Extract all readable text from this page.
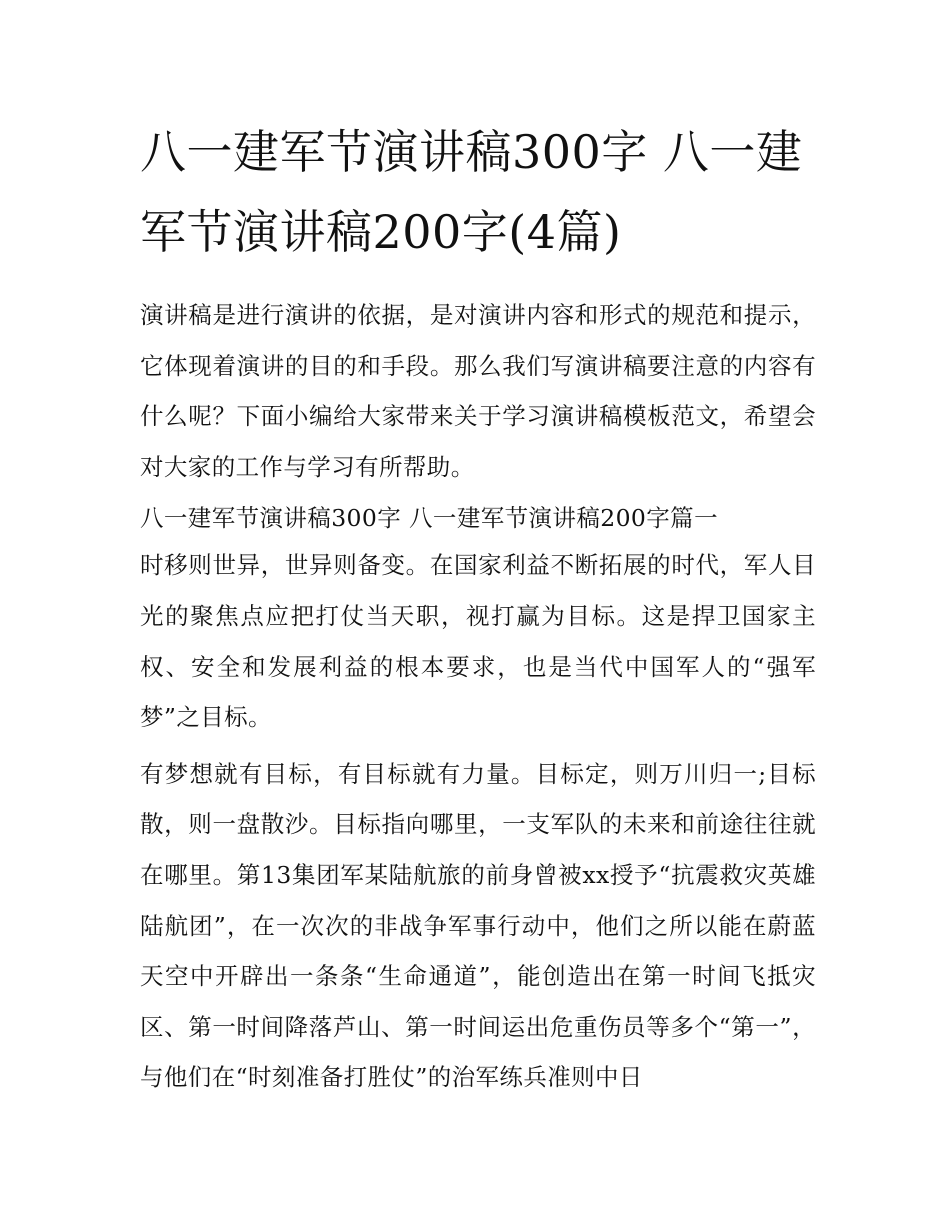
八一建军节演讲稿300字 八一建军节演讲稿200字(4篇)

演讲稿是进行演讲的依据，是对演讲内容和形式的规范和提示，它体现着演讲的目的和手段。那么我们写演讲稿要注意的内容有什么呢？下面小编给大家带来关于学习演讲稿模板范文，希望会对大家的工作与学习有所帮助。

八一建军节演讲稿300字 八一建军节演讲稿200字篇一

时移则世异，世异则备变。在国家利益不断拓展的时代，军人目光的聚焦点应把打仗当天职，视打赢为目标。这是捍卫国家主权、安全和发展利益的根本要求，也是当代中国军人的“强军梦”之目标。

有梦想就有目标，有目标就有力量。目标定，则万川归一;目标散，则一盘散沙。目标指向哪里，一支军队的未来和前途往往就在哪里。第13集团军某陆航旅的前身曾被xx授予“抗震救灾英雄陆航团”，在一次次的非战争军事行动中，他们之所以能在蔚蓝天空中开辟出一条条“生命通道”，能创造出在第一时间飞抵灾区、第一时间降落芦山、第一时间运出危重伤员等多个“第一”，与他们在“时刻准备打胜仗”的治军练兵准则中日
